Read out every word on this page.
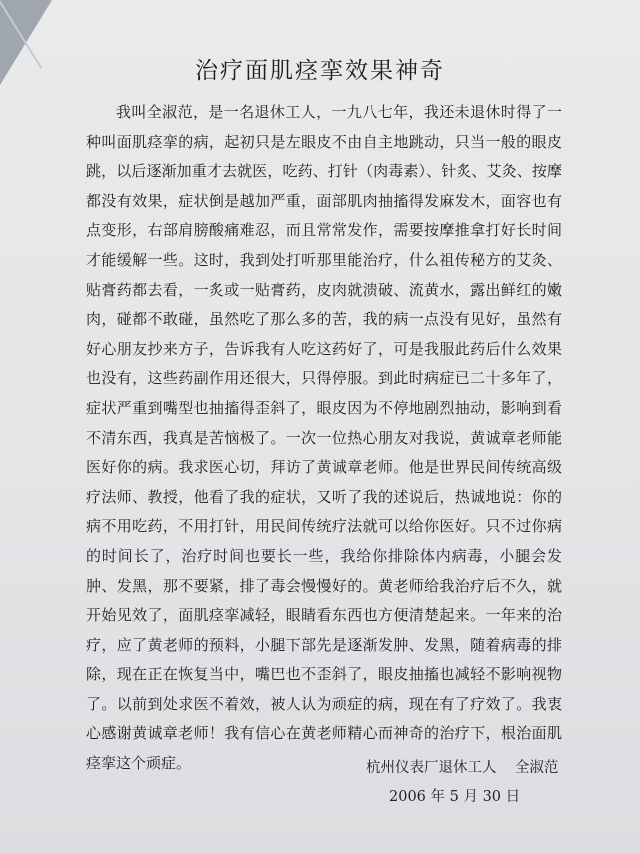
治疗面肌痉挛效果神奇

我叫全淑范，是一名退休工人，一九八七年，我还未退休时得了一种叫面肌痉挛的病，起初只是左眼皮不由自主地跳动，只当一般的眼皮跳，以后逐渐加重才去就医，吃药、打针（肉毒素）、针炙、艾灸、按摩都没有效果，症状倒是越加严重，面部肌肉抽搐得发麻发木，面容也有点变形，右部肩膀酸痛难忍，而且常常发作，需要按摩推拿打好长时间才能缓解一些。这时，我到处打听那里能治疗，什么祖传秘方的艾灸、贴膏药都去看，一炙或一贴膏药，皮肉就溃破、流黄水，露出鲜红的嫩肉，碰都不敢碰，虽然吃了那么多的苦，我的病一点没有见好，虽然有好心朋友抄来方子，告诉我有人吃这药好了，可是我服此药后什么效果也没有，这些药副作用还很大，只得停服。到此时病症已二十多年了，症状严重到嘴型也抽搐得歪斜了，眼皮因为不停地剧烈抽动，影响到看不清东西，我真是苦恼极了。一次一位热心朋友对我说，黄诚章老师能医好你的病。我求医心切，拜访了黄诚章老师。他是世界民间传统高级疗法师、教授，他看了我的症状，又听了我的述说后，热诚地说：你的病不用吃药，不用打针，用民间传统疗法就可以给你医好。只不过你病的时间长了，治疗时间也要长一些，我给你排除体内病毒，小腿会发肿、发黑，那不要紧，排了毒会慢慢好的。黄老师给我治疗后不久，就开始见效了，面肌痉挛减轻，眼睛看东西也方便清楚起来。一年来的治疗，应了黄老师的预料，小腿下部先是逐渐发肿、发黑，随着病毒的排除，现在正在恢复当中，嘴巴也不歪斜了，眼皮抽搐也减轻不影响视物了。以前到处求医不着效，被人认为顽症的病，现在有了疗效了。我衷心感谢黄诚章老师！我有信心在黄老师精心而神奇的治疗下，根治面肌痉挛这个顽症。	杭州仪表厂退休工人    全淑范
2006 年 5 月 30 日
